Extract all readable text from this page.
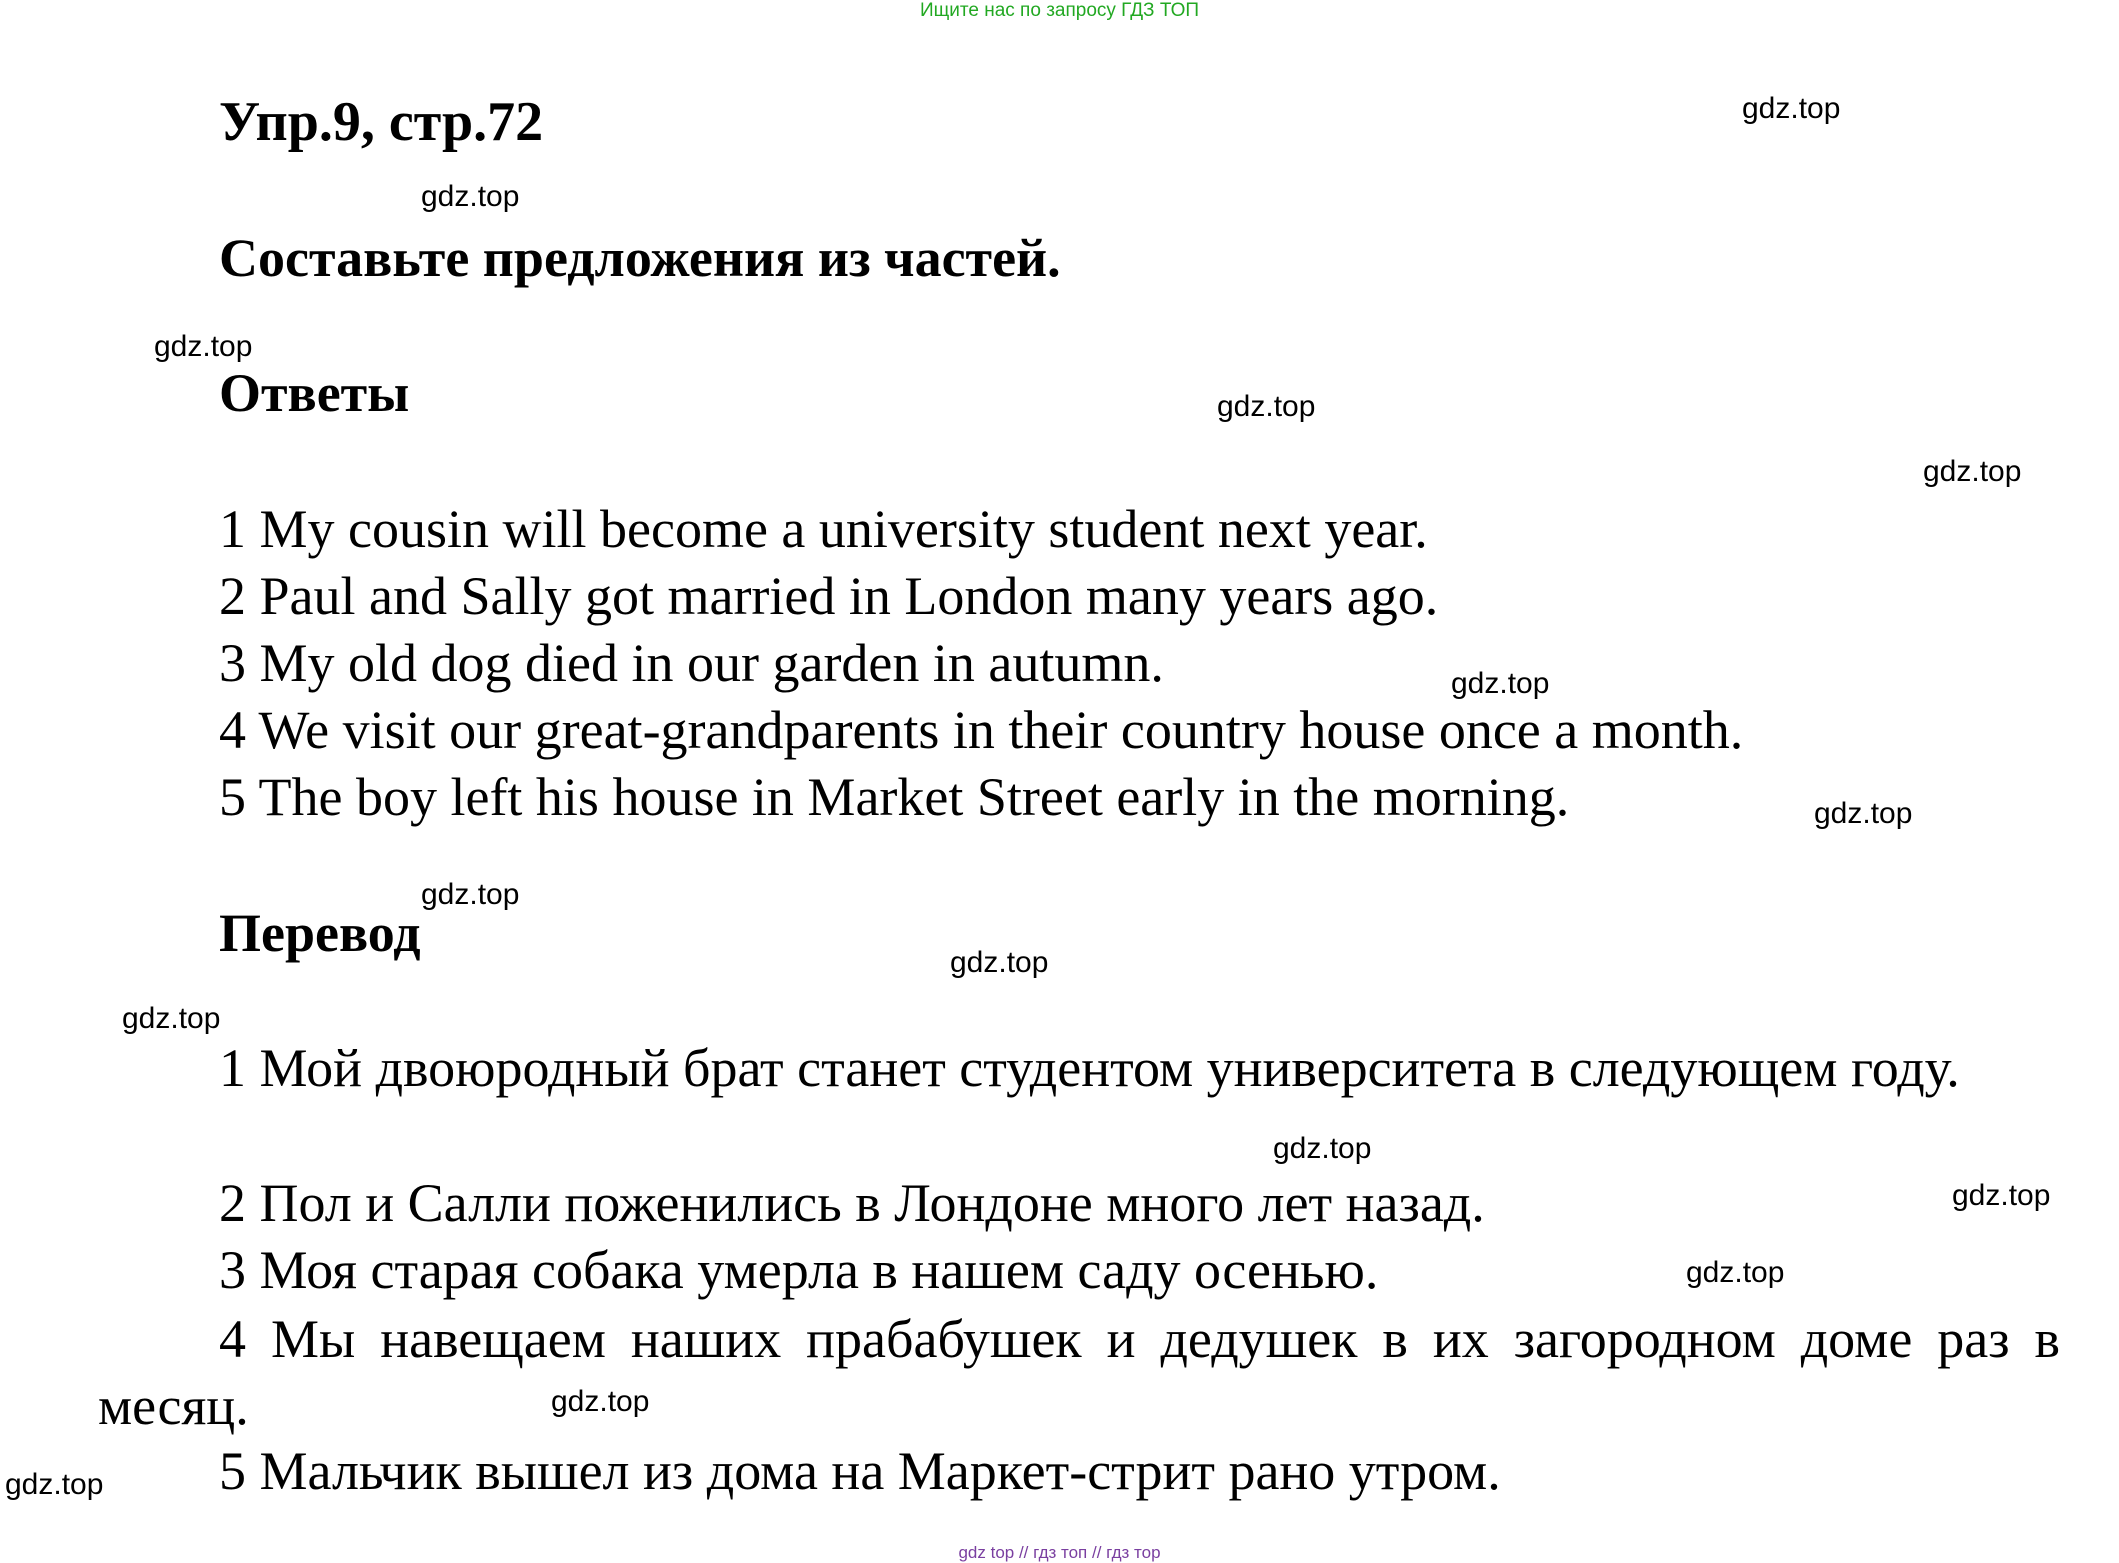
Ищите нас по запросу ГДЗ ТОП
Упр.9, стр.72
Составьте предложения из частей.
Ответы
1 My cousin will become a university student next year.
2 Paul and Sally got married in London many years ago.
3 My old dog died in our garden in autumn.
4 We visit our great-grandparents in their country house once a month.
5 The boy left his house in Market Street early in the morning.
Перевод
1 Мой двоюродный брат станет студентом университета в следующем году.
2 Пол и Салли поженились в Лондоне много лет назад.
3 Моя старая собака умерла в нашем саду осенью.
4 Мы навещаем наших прабабушек и дедушек в их загородном доме раз в месяц.
5 Мальчик вышел из дома на Маркет-стрит рано утром.
gdz.top
gdz.top
gdz.top
gdz.top
gdz.top
gdz.top
gdz.top
gdz.top
gdz.top
gdz.top
gdz.top
gdz.top
gdz.top
gdz.top
gdz.top
gdz top // гдз топ // гдз тор
